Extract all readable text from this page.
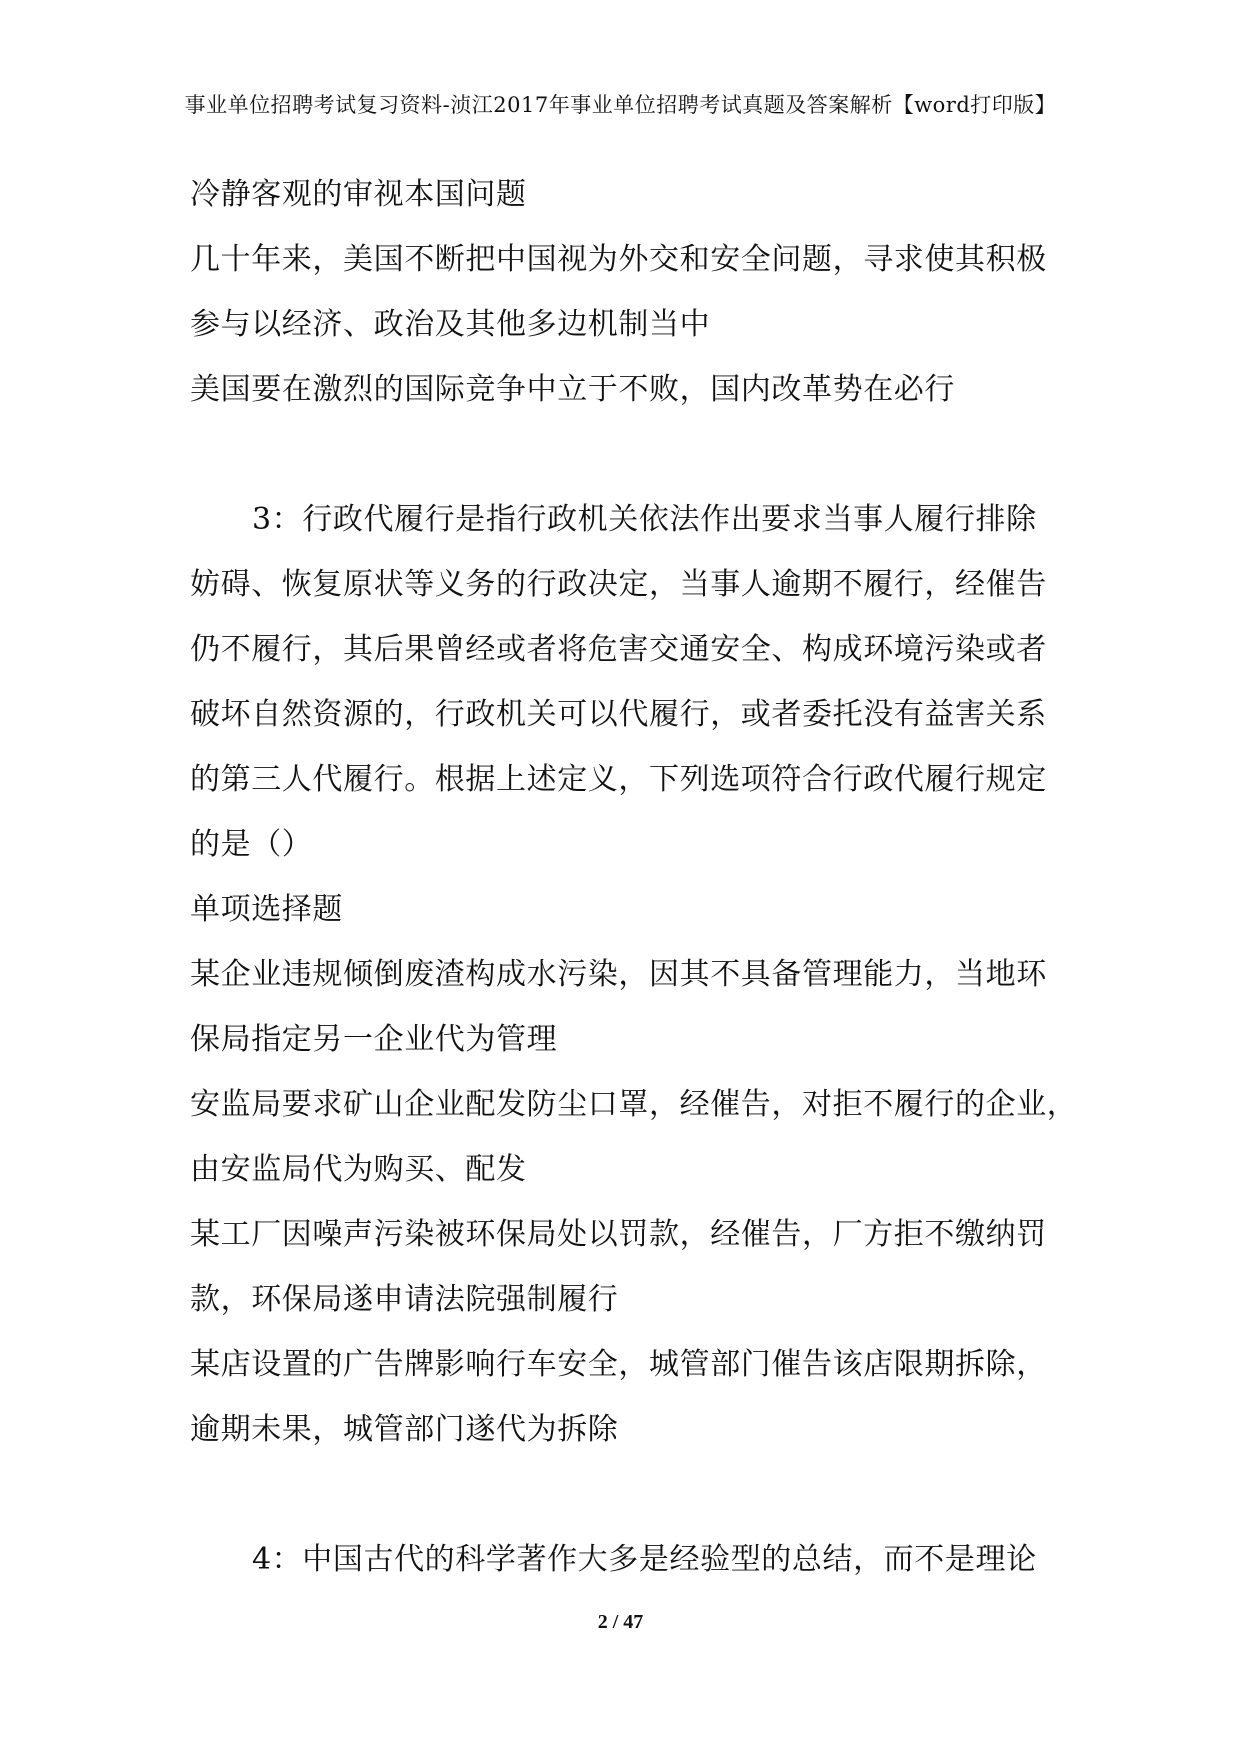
事业单位招聘考试复习资料-浈江2017年事业单位招聘考试真题及答案解析【word打印版】
冷静客观的审视本国问题
几十年来，美国不断把中国视为外交和安全问题，寻求使其积极
参与以经济、政治及其他多边机制当中
美国要在激烈的国际竞争中立于不败，国内改革势在必行
3：行政代履行是指行政机关依法作出要求当事人履行排除
妨碍、恢复原状等义务的行政决定，当事人逾期不履行，经催告
仍不履行，其后果曾经或者将危害交通安全、构成环境污染或者
破坏自然资源的，行政机关可以代履行，或者委托没有益害关系
的第三人代履行。根据上述定义，下列选项符合行政代履行规定
的是（）
单项选择题
某企业违规倾倒废渣构成水污染，因其不具备管理能力，当地环
保局指定另一企业代为管理
安监局要求矿山企业配发防尘口罩，经催告，对拒不履行的企业，
由安监局代为购买、配发
某工厂因噪声污染被环保局处以罚款，经催告，厂方拒不缴纳罚
款，环保局遂申请法院强制履行
某店设置的广告牌影响行车安全，城管部门催告该店限期拆除，
逾期未果，城管部门遂代为拆除
4：中国古代的科学著作大多是经验型的总结，而不是理论
2 / 47
